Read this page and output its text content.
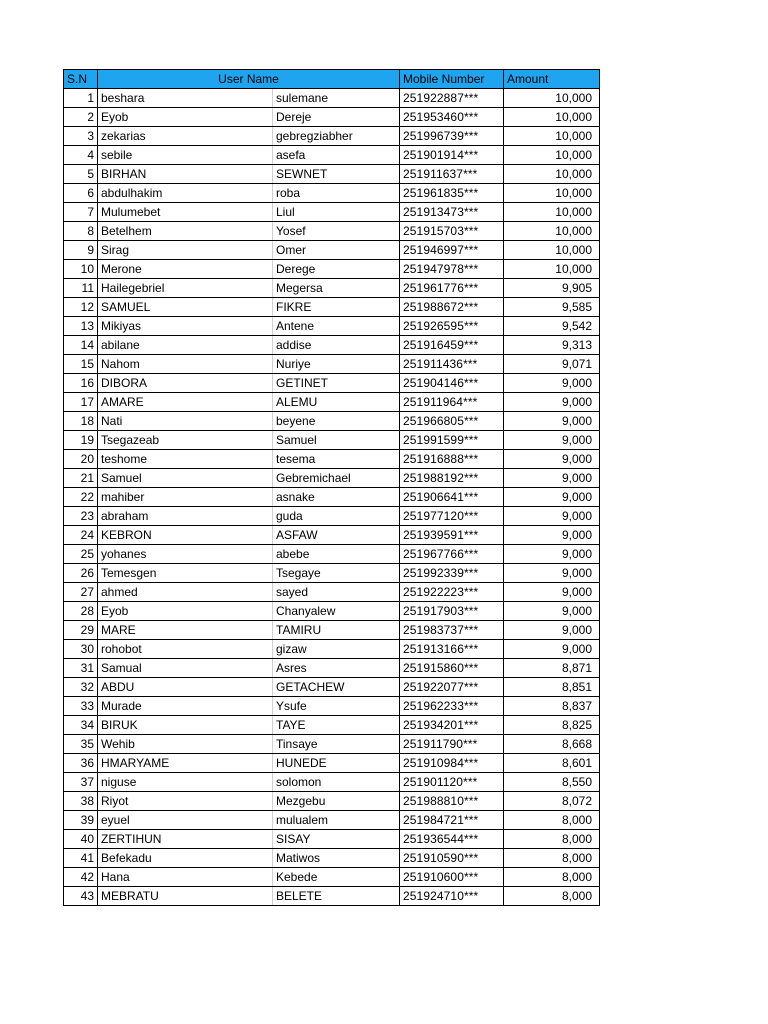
S.N	User Name		Mobile Number	Amount
1	beshara	sulemane	251922887***	10,000
2	Eyob	Dereje	251953460***	10,000
3	zekarias	gebregziabher	251996739***	10,000
4	sebile	asefa	251901914***	10,000
5	BIRHAN	SEWNET	251911637***	10,000
6	abdulhakim	roba	251961835***	10,000
7	Mulumebet	Liul	251913473***	10,000
8	Betelhem	Yosef	251915703***	10,000
9	Sirag	Omer	251946997***	10,000
10	Merone	Derege	251947978***	10,000
11	Hailegebriel	Megersa	251961776***	9,905
12	SAMUEL	FIKRE	251988672***	9,585
13	Mikiyas	Antene	251926595***	9,542
14	abilane	addise	251916459***	9,313
15	Nahom	Nuriye	251911436***	9,071
16	DIBORA	GETINET	251904146***	9,000
17	AMARE	ALEMU	251911964***	9,000
18	Nati	beyene	251966805***	9,000
19	Tsegazeab	Samuel	251991599***	9,000
20	teshome	tesema	251916888***	9,000
21	Samuel	Gebremichael	251988192***	9,000
22	mahiber	asnake	251906641***	9,000
23	abraham	guda	251977120***	9,000
24	KEBRON	ASFAW	251939591***	9,000
25	yohanes	abebe	251967766***	9,000
26	Temesgen	Tsegaye	251992339***	9,000
27	ahmed	sayed	251922223***	9,000
28	Eyob	Chanyalew	251917903***	9,000
29	MARE	TAMIRU	251983737***	9,000
30	rohobot	gizaw	251913166***	9,000
31	Samual	Asres	251915860***	8,871
32	ABDU	GETACHEW	251922077***	8,851
33	Murade	Ysufe	251962233***	8,837
34	BIRUK	TAYE	251934201***	8,825
35	Wehib	Tinsaye	251911790***	8,668
36	HMARYAME	HUNEDE	251910984***	8,601
37	niguse	solomon	251901120***	8,550
38	Riyot	Mezgebu	251988810***	8,072
39	eyuel	mulualem	251984721***	8,000
40	ZERTIHUN	SISAY	251936544***	8,000
41	Befekadu	Matiwos	251910590***	8,000
42	Hana	Kebede	251910600***	8,000
43	MEBRATU	BELETE	251924710***	8,000
